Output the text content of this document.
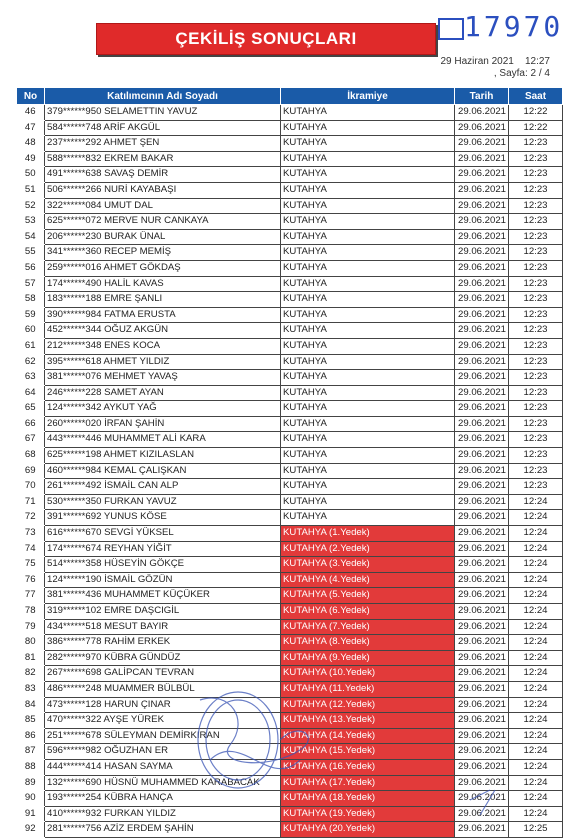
ÇEKİLİŞ SONUÇLARI	17970
29 Haziran 2021 12:27
, Sayfa: 2 / 4
No	Katılımcının Adı Soyadı	İkramiye	Tarih	Saat
46	379******950 SELAMETTIN YAVUZ	KUTAHYA	29.06.2021	12:22
47	584******748 ARİF AKGÜL	KUTAHYA	29.06.2021	12:22
48	237******292 AHMET ŞEN	KUTAHYA	29.06.2021	12:23
49	588******832 EKREM BAKAR	KUTAHYA	29.06.2021	12:23
50	491******638 SAVAŞ DEMİR	KUTAHYA	29.06.2021	12:23
51	506******266 NURİ KAYABAŞI	KUTAHYA	29.06.2021	12:23
52	322******084 UMUT DAL	KUTAHYA	29.06.2021	12:23
53	625******072 MERVE NUR CANKAYA	KUTAHYA	29.06.2021	12:23
54	206******230 BURAK ÜNAL	KUTAHYA	29.06.2021	12:23
55	341******360 RECEP MEMİŞ	KUTAHYA	29.06.2021	12:23
56	259******016 AHMET GÖKDAŞ	KUTAHYA	29.06.2021	12:23
57	174******490 HALİL KAVAS	KUTAHYA	29.06.2021	12:23
58	183******188 EMRE ŞANLI	KUTAHYA	29.06.2021	12:23
59	390******984 FATMA ERUSTA	KUTAHYA	29.06.2021	12:23
60	452******344 OĞUZ AKGÜN	KUTAHYA	29.06.2021	12:23
61	212******348 ENES KOCA	KUTAHYA	29.06.2021	12:23
62	395******618 AHMET YILDIZ	KUTAHYA	29.06.2021	12:23
63	381******076 MEHMET YAVAŞ	KUTAHYA	29.06.2021	12:23
64	246******228 SAMET AYAN	KUTAHYA	29.06.2021	12:23
65	124******342 AYKUT YAĞ	KUTAHYA	29.06.2021	12:23
66	260******020 İRFAN ŞAHİN	KUTAHYA	29.06.2021	12:23
67	443******446 MUHAMMET ALİ KARA	KUTAHYA	29.06.2021	12:23
68	625******198 AHMET KIZILASLAN	KUTAHYA	29.06.2021	12:23
69	460******984 KEMAL ÇALIŞKAN	KUTAHYA	29.06.2021	12:23
70	261******492 İSMAİL CAN ALP	KUTAHYA	29.06.2021	12:23
71	530******350 FURKAN YAVUZ	KUTAHYA	29.06.2021	12:24
72	391******692 YUNUS KÖSE	KUTAHYA	29.06.2021	12:24
73	616******670 SEVGİ YÜKSEL	KUTAHYA (1.Yedek)	29.06.2021	12:24
74	174******674 REYHAN YİĞİT	KUTAHYA (2.Yedek)	29.06.2021	12:24
75	514******358 HÜSEYİN GÖKÇE	KUTAHYA (3.Yedek)	29.06.2021	12:24
76	124******190 İSMAİL GÖZÜN	KUTAHYA (4.Yedek)	29.06.2021	12:24
77	381******436 MUHAMMET KÜÇÜKER	KUTAHYA (5.Yedek)	29.06.2021	12:24
78	319******102 EMRE DAŞCIGİL	KUTAHYA (6.Yedek)	29.06.2021	12:24
79	434******518 MESUT BAYIR	KUTAHYA (7.Yedek)	29.06.2021	12:24
80	386******778 RAHİM ERKEK	KUTAHYA (8.Yedek)	29.06.2021	12:24
81	282******970 KÜBRA GÜNDÜZ	KUTAHYA (9.Yedek)	29.06.2021	12:24
82	267******698 GALİPCAN TEVRAN	KUTAHYA (10.Yedek)	29.06.2021	12:24
83	486******248 MUAMMER BÜLBÜL	KUTAHYA (11.Yedek)	29.06.2021	12:24
84	473******128 HARUN ÇINAR	KUTAHYA (12.Yedek)	29.06.2021	12:24
85	470******322 AYŞE YÜREK	KUTAHYA (13.Yedek)	29.06.2021	12:24
86	251******678 SÜLEYMAN DEMİRKIRAN	KUTAHYA (14.Yedek)	29.06.2021	12:24
87	596******982 OĞUZHAN ER	KUTAHYA (15.Yedek)	29.06.2021	12:24
88	444******414 HASAN SAYMA	KUTAHYA (16.Yedek)	29.06.2021	12:24
89	132******690 HÜSNÜ MUHAMMED KARABACAK	KUTAHYA (17.Yedek)	29.06.2021	12:24
90	193******254 KÜBRA HANÇA	KUTAHYA (18.Yedek)	29.06.2021	12:24
91	410******932 FURKAN YILDIZ	KUTAHYA (19.Yedek)	29.06.2021	12:24
92	281******756 AZİZ ERDEM ŞAHİN	KUTAHYA (20.Yedek)	29.06.2021	12:25
